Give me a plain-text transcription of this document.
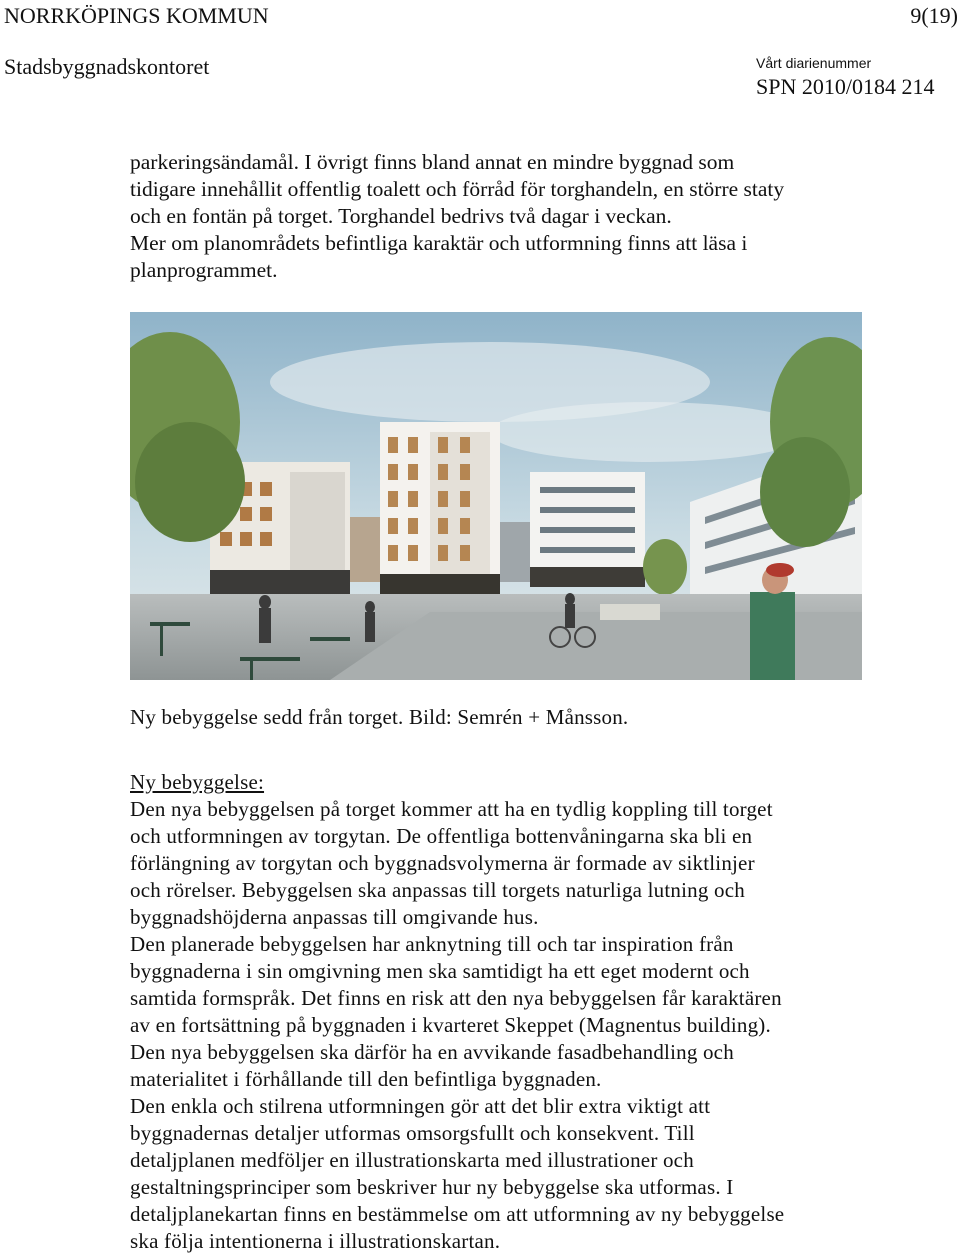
NORRKÖPINGS KOMMUN	9(19)
Stadsbyggnadskontoret	Vårt diarienummer
SPN 2010/0184 214

parkeringsändamål. I övrigt finns bland annat en mindre byggnad som

tidigare innehållit offentlig toalett och förråd för torghandeln, en större staty

och en fontän på torget. Torghandel bedrivs två dagar i veckan.

Mer om planområdets befintliga karaktär och utformning finns att läsa i

planprogrammet.

Ny bebyggelse sedd från torget. Bild: Semrén + Månsson.

Ny bebyggelse:

Den nya bebyggelsen på torget kommer att ha en tydlig koppling till torget

och utformningen av torgytan. De offentliga bottenvåningarna ska bli en

förlängning av torgytan och byggnadsvolymerna är formade av siktlinjer

och rörelser. Bebyggelsen ska anpassas till torgets naturliga lutning och

byggnadshöjderna anpassas till omgivande hus.

Den planerade bebyggelsen har anknytning till och tar inspiration från

byggnaderna i sin omgivning men ska samtidigt ha ett eget modernt och

samtida formspråk. Det finns en risk att den nya bebyggelsen får karaktären

av en fortsättning på byggnaden i kvarteret Skeppet (Magnentus building).

Den nya bebyggelsen ska därför ha en avvikande fasadbehandling och

materialitet i förhållande till den befintliga byggnaden.

Den enkla och stilrena utformningen gör att det blir extra viktigt att

byggnadernas detaljer utformas omsorgsfullt och konsekvent. Till

detaljplanen medföljer en illustrationskarta med illustrationer och

gestaltningsprinciper som beskriver hur ny bebyggelse ska utformas. I

detaljplanekartan finns en bestämmelse om att utformning av ny bebyggelse

ska följa intentionerna i illustrationskartan.
